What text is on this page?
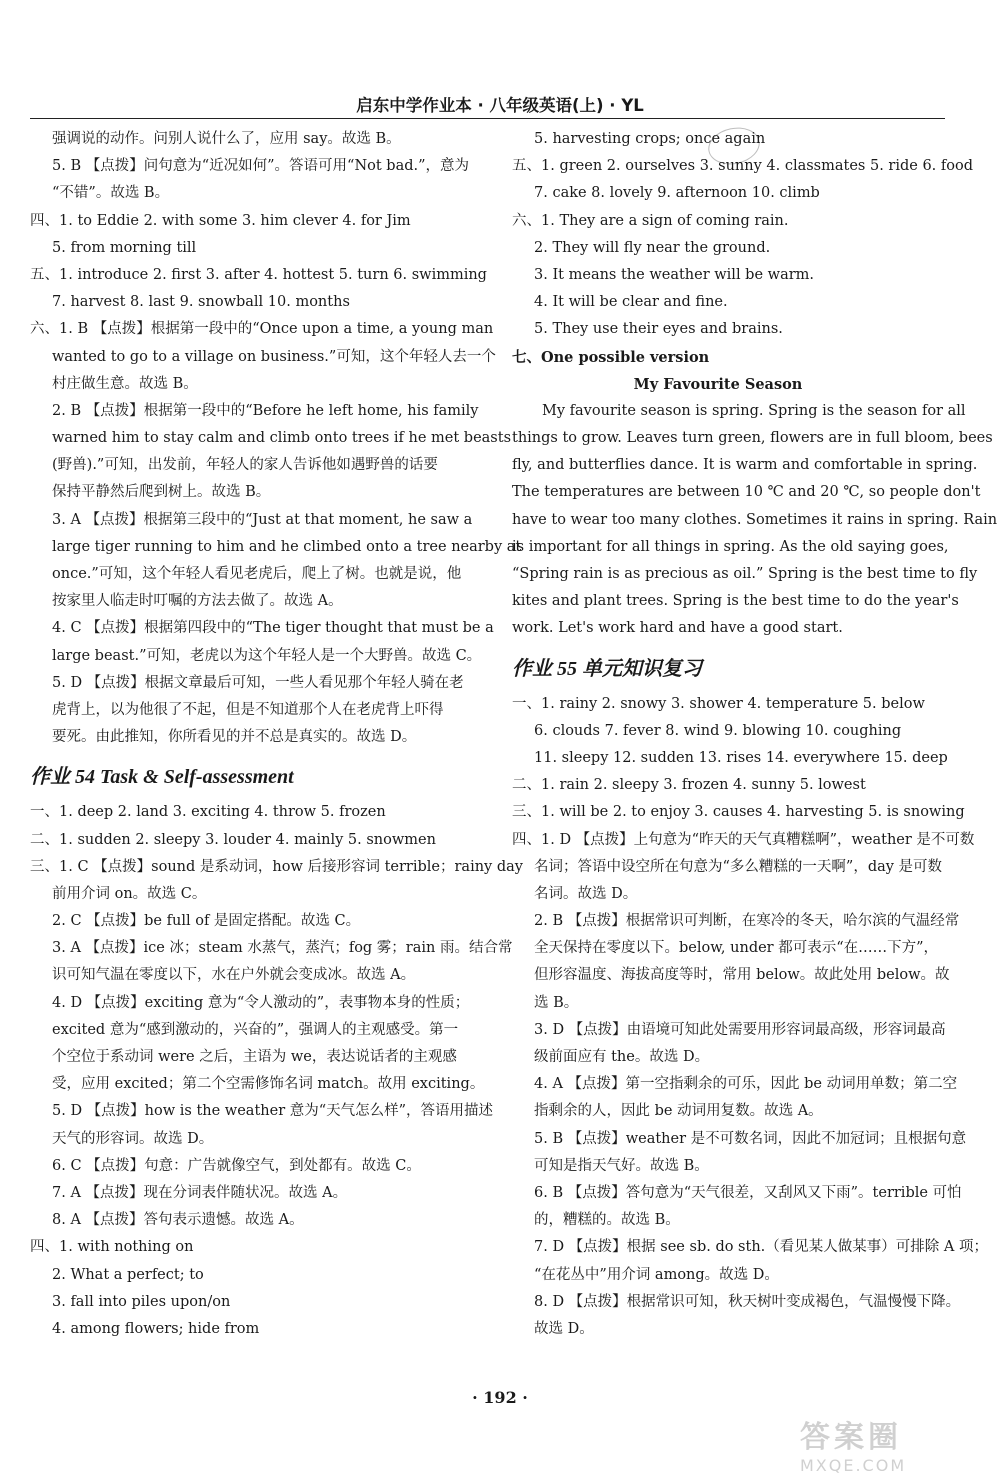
启东中学作业本 · 八年级英语(上) · YL
强调说的动作。问别人说什么了，应用 say。故选 B。
5. B 【点拨】问句意为“近况如何”。答语可用“Not bad.”，意为
“不错”。故选 B。
四、1. to Eddie 2. with some 3. him clever 4. for Jim
5. from morning till
五、1. introduce 2. first 3. after 4. hottest 5. turn 6. swimming
7. harvest 8. last 9. snowball 10. months
六、1. B 【点拨】根据第一段中的“Once upon a time, a young man
wanted to go to a village on business.”可知，这个年轻人去一个
村庄做生意。故选 B。
2. B 【点拨】根据第一段中的“Before he left home, his family
warned him to stay calm and climb onto trees if he met beasts
(野兽).”可知，出发前，年轻人的家人告诉他如遇野兽的话要
保持平静然后爬到树上。故选 B。
3. A 【点拨】根据第三段中的“Just at that moment, he saw a
large tiger running to him and he climbed onto a tree nearby at
once.”可知，这个年轻人看见老虎后，爬上了树。也就是说，他
按家里人临走时叮嘱的方法去做了。故选 A。
4. C 【点拨】根据第四段中的“The tiger thought that must be a
large beast.”可知，老虎以为这个年轻人是一个大野兽。故选 C。
5. D 【点拨】根据文章最后可知，一些人看见那个年轻人骑在老
虎背上，以为他很了不起，但是不知道那个人在老虎背上吓得
要死。由此推知，你所看见的并不总是真实的。故选 D。
作业 54 Task & Self-assessment
一、1. deep 2. land 3. exciting 4. throw 5. frozen
二、1. sudden 2. sleepy 3. louder 4. mainly 5. snowmen
三、1. C 【点拨】sound 是系动词，how 后接形容词 terrible；rainy day
前用介词 on。故选 C。
2. C 【点拨】be full of 是固定搭配。故选 C。
3. A 【点拨】ice 冰；steam 水蒸气，蒸汽；fog 雾；rain 雨。结合常
识可知气温在零度以下，水在户外就会变成冰。故选 A。
4. D 【点拨】exciting 意为“令人激动的”，表事物本身的性质；
excited 意为“感到激动的，兴奋的”，强调人的主观感受。第一
个空位于系动词 were 之后，主语为 we，表达说话者的主观感
受，应用 excited；第二个空需修饰名词 match。故用 exciting。
5. D 【点拨】how is the weather 意为“天气怎么样”，答语用描述
天气的形容词。故选 D。
6. C 【点拨】句意：广告就像空气，到处都有。故选 C。
7. A 【点拨】现在分词表伴随状况。故选 A。
8. A 【点拨】答句表示遗憾。故选 A。
四、1. with nothing on
2. What a perfect; to
3. fall into piles upon/on
4. among flowers; hide from
5. harvesting crops; once again
五、1. green 2. ourselves 3. sunny 4. classmates 5. ride 6. food
7. cake 8. lovely 9. afternoon 10. climb
六、1. They are a sign of coming rain.
2. They will fly near the ground.
3. It means the weather will be warm.
4. It will be clear and fine.
5. They use their eyes and brains.
七、One possible version
My Favourite Season
My favourite season is spring. Spring is the season for all
things to grow. Leaves turn green, flowers are in full bloom, bees
fly, and butterflies dance. It is warm and comfortable in spring.
The temperatures are between 10 ℃ and 20 ℃, so people don't
have to wear too many clothes. Sometimes it rains in spring. Rain
is important for all things in spring. As the old saying goes,
“Spring rain is as precious as oil.” Spring is the best time to fly
kites and plant trees. Spring is the best time to do the year's
work. Let's work hard and have a good start.
作业 55 单元知识复习
一、1. rainy 2. snowy 3. shower 4. temperature 5. below
6. clouds 7. fever 8. wind 9. blowing 10. coughing
11. sleepy 12. sudden 13. rises 14. everywhere 15. deep
二、1. rain 2. sleepy 3. frozen 4. sunny 5. lowest
三、1. will be 2. to enjoy 3. causes 4. harvesting 5. is snowing
四、1. D 【点拨】上句意为“昨天的天气真糟糕啊”，weather 是不可数
名词；答语中设空所在句意为“多么糟糕的一天啊”，day 是可数
名词。故选 D。
2. B 【点拨】根据常识可判断，在寒冷的冬天，哈尔滨的气温经常
全天保持在零度以下。below, under 都可表示“在……下方”，
但形容温度、海拔高度等时，常用 below。故此处用 below。故
选 B。
3. D 【点拨】由语境可知此处需要用形容词最高级，形容词最高
级前面应有 the。故选 D。
4. A 【点拨】第一空指剩余的可乐，因此 be 动词用单数；第二空
指剩余的人，因此 be 动词用复数。故选 A。
5. B 【点拨】weather 是不可数名词，因此不加冠词；且根据句意
可知是指天气好。故选 B。
6. B 【点拨】答句意为“天气很差，又刮风又下雨”。terrible 可怕
的，糟糕的。故选 B。
7. D 【点拨】根据 see sb. do sth.（看见某人做某事）可排除 A 项；
“在花丛中”用介词 among。故选 D。
8. D 【点拨】根据常识可知，秋天树叶变成褐色，气温慢慢下降。
故选 D。
· 192 ·
答案圈
MXQE.COM
